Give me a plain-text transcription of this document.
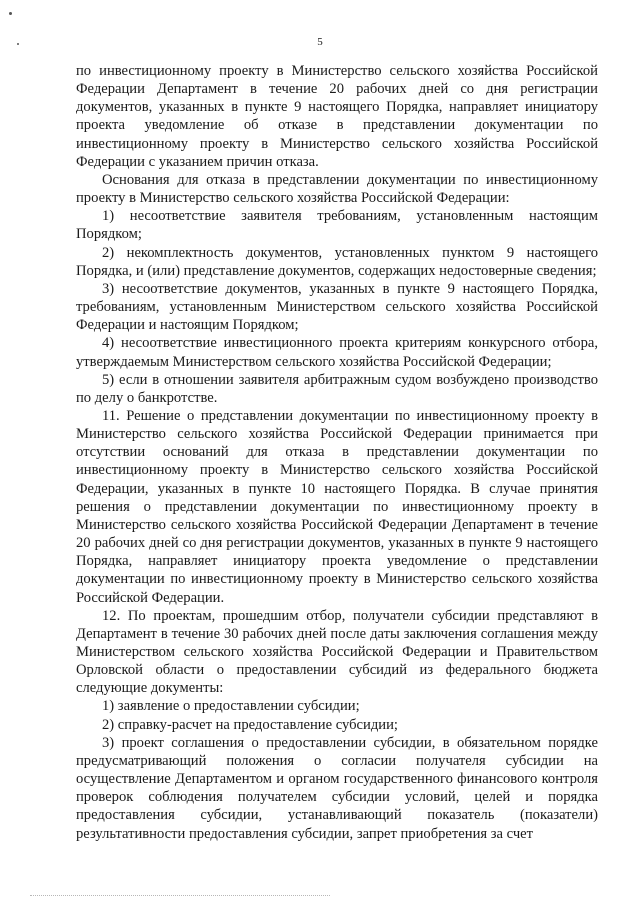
5

по инвестиционному проекту в Министерство сельского хозяйства Российской Федерации Департамент в течение 20 рабочих дней со дня регистрации документов, указанных в пункте 9 настоящего Порядка, направляет инициатору проекта уведомление об отказе в представлении документации по инвестиционному проекту в Министерство сельского хозяйства Российской Федерации с указанием причин отказа.

Основания для отказа в представлении документации по инвестиционному проекту в Министерство сельского хозяйства Российской Федерации:

1) несоответствие заявителя требованиям, установленным настоящим Порядком;

2) некомплектность документов, установленных пунктом 9 настоящего Порядка, и (или) представление документов, содержащих недостоверные сведения;

3) несоответствие документов, указанных в пункте 9 настоящего Порядка, требованиям, установленным Министерством сельского хозяйства Российской Федерации и настоящим Порядком;

4) несоответствие инвестиционного проекта критериям конкурсного отбора, утверждаемым Министерством сельского хозяйства Российской Федерации;

5) если в отношении заявителя арбитражным судом возбуждено производство по делу о банкротстве.

11. Решение о представлении документации по инвестиционному проекту в Министерство сельского хозяйства Российской Федерации принимается при отсутствии оснований для отказа в представлении документации по инвестиционному проекту в Министерство сельского хозяйства Российской Федерации, указанных в пункте 10 настоящего Порядка. В случае принятия решения о представлении документации по инвестиционному проекту в Министерство сельского хозяйства Российской Федерации Департамент в течение 20 рабочих дней со дня регистрации документов, указанных в пункте 9 настоящего Порядка, направляет инициатору проекта уведомление о представлении документации по инвестиционному проекту в Министерство сельского хозяйства Российской Федерации.

12. По проектам, прошедшим отбор, получатели субсидии представляют в Департамент в течение 30 рабочих дней после даты заключения соглашения между Министерством сельского хозяйства Российской Федерации и Правительством Орловской области о предоставлении субсидий из федерального бюджета следующие документы:

1) заявление о предоставлении субсидии;

2) справку-расчет на предоставление субсидии;

3) проект соглашения о предоставлении субсидии, в обязательном порядке предусматривающий положения о согласии получателя субсидии на осуществление Департаментом и органом государственного финансового контроля проверок соблюдения получателем субсидии условий, целей и порядка предоставления субсидии, устанавливающий показатель (показатели) результативности предоставления субсидии, запрет приобретения за счет
